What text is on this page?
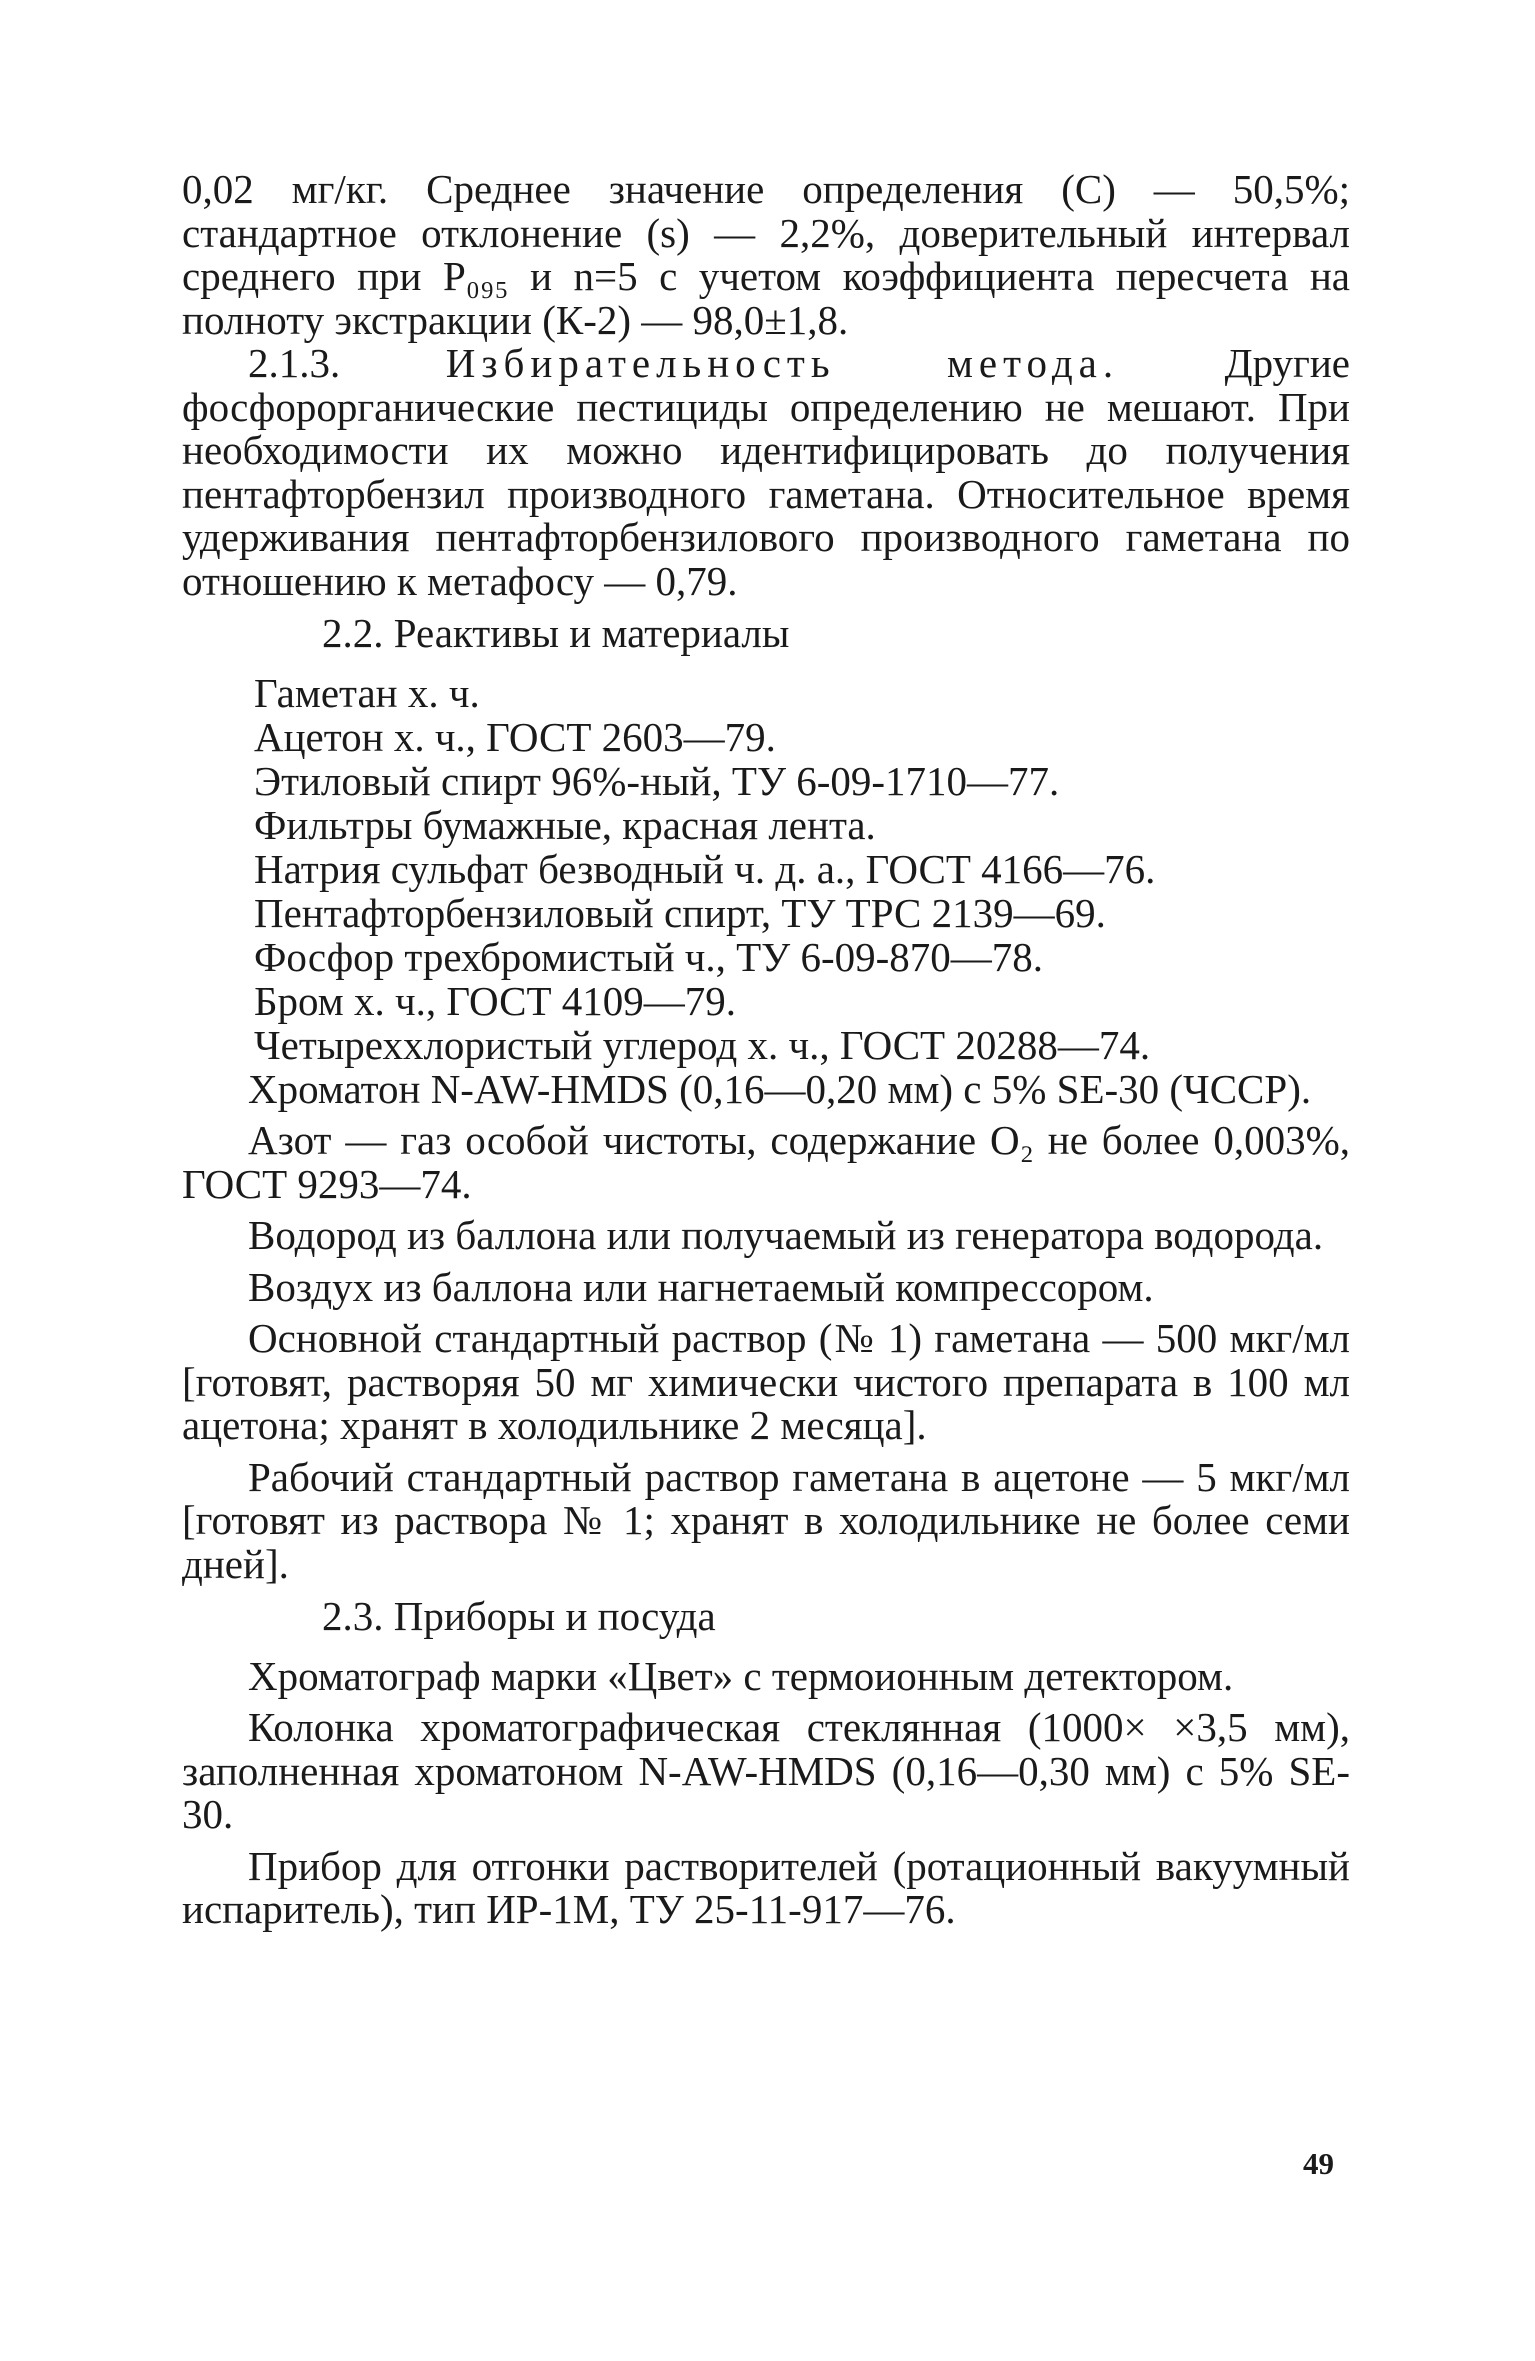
0,02 мг/кг. Среднее значение определения (С) — 50,5%; стандартное отклонение (s) — 2,2%, доверительный интервал среднего при P₀₉₅ и n=5 с учетом коэффициента пересчета на полноту экстракции (К-2) — 98,0±1,8.

2.1.3.	Избирательность метода.	Другие фосфорорганические пестициды определению не мешают. При необходимости их можно идентифицировать до получения пентафторбензил производного гаметана. Относительное время удерживания пентафторбензилового производного гаметана по отношению к метафосу — 0,79.

2.2. Реактивы и материалы

Гаметан х. ч.

Ацетон х. ч., ГОСТ 2603—79.

Этиловый спирт 96%-ный, ТУ 6-09-1710—77.

Фильтры бумажные, красная лента.

Натрия сульфат безводный ч. д. а., ГОСТ 4166—76.

Пентафторбензиловый спирт, ТУ ТРС 2139—69.

Фосфор трехбромистый ч., ТУ 6-09-870—78.

Бром х. ч., ГОСТ 4109—79.

Четыреххлористый углерод х. ч., ГОСТ 20288—74.

Хроматон N-AW-HMDS (0,16—0,20 мм) с 5% SE-30 (ЧССР).

Азот — газ особой чистоты, содержание O₂ не более 0,003%, ГОСТ 9293—74.

Водород из баллона или получаемый из генератора водорода.

Воздух из баллона или нагнетаемый компрессором.

Основной стандартный раствор (№ 1) гаметана — 500 мкг/мл [готовят, растворяя 50 мг химически чистого препарата в 100 мл ацетона; хранят в холодильнике 2 месяца].

Рабочий стандартный раствор гаметана в ацетоне — 5 мкг/мл [готовят из раствора № 1; хранят в холодильнике не более семи дней].

2.3. Приборы и посуда

Хроматограф марки «Цвет» с термоионным детектором.

Колонка хроматографическая стеклянная (1000× ×3,5 мм), заполненная хроматоном N-AW-HMDS (0,16—0,30 мм) с 5% SE-30.

Прибор для отгонки растворителей (ротационный вакуумный испаритель), тип ИР-1М, ТУ 25-11-917—76.

49
